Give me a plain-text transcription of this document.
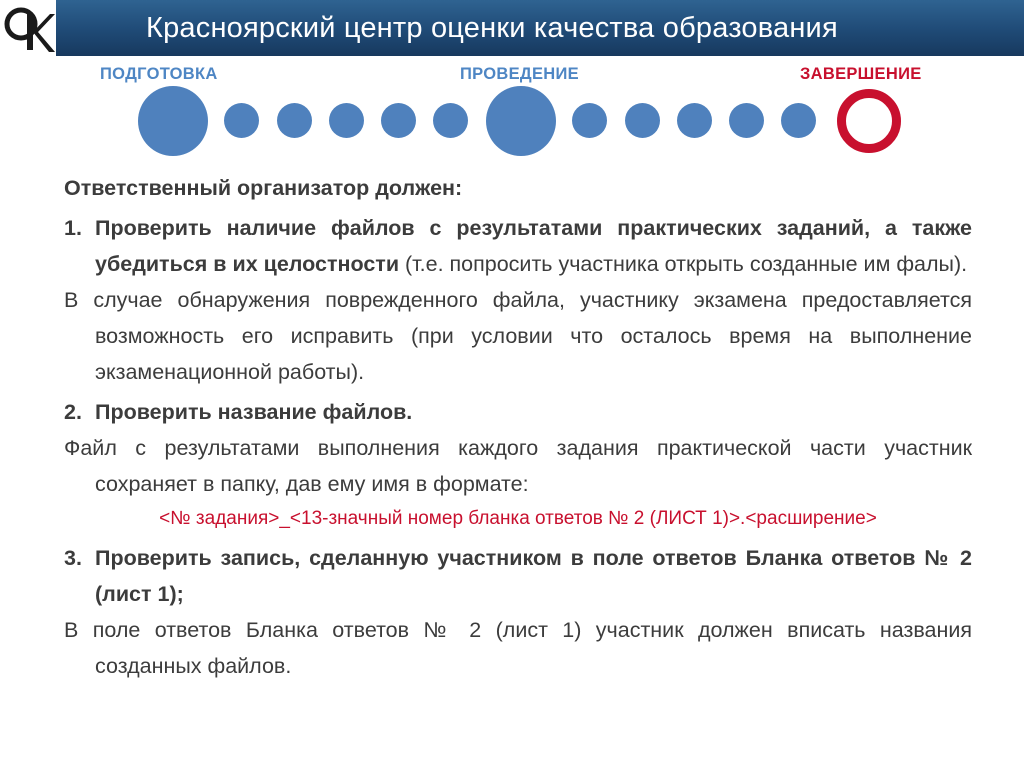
Красноярский центр оценки качества образования
ПОДГОТОВКА	ПРОВЕДЕНИЕ	ЗАВЕРШЕНИЕ

Ответственный организатор должен:

1. Проверить наличие файлов с результатами практических заданий, а также убедиться в их целостности (т.е. попросить участника открыть созданные им фалы).

В случае обнаружения поврежденного файла, участнику экзамена предоставляется возможность его исправить (при условии что осталось время на выполнение экзаменационной работы).

2. Проверить название файлов.

Файл с результатами выполнения каждого задания практической части участник сохраняет в папку, дав ему имя в формате:

<№ задания>_<13-значный номер бланка ответов № 2 (ЛИСТ 1)>.<расширение>

3. Проверить запись, сделанную участником в поле ответов Бланка ответов № 2 (лист 1);

В поле ответов Бланка ответов № 2 (лист 1) участник должен вписать названия созданных файлов.
